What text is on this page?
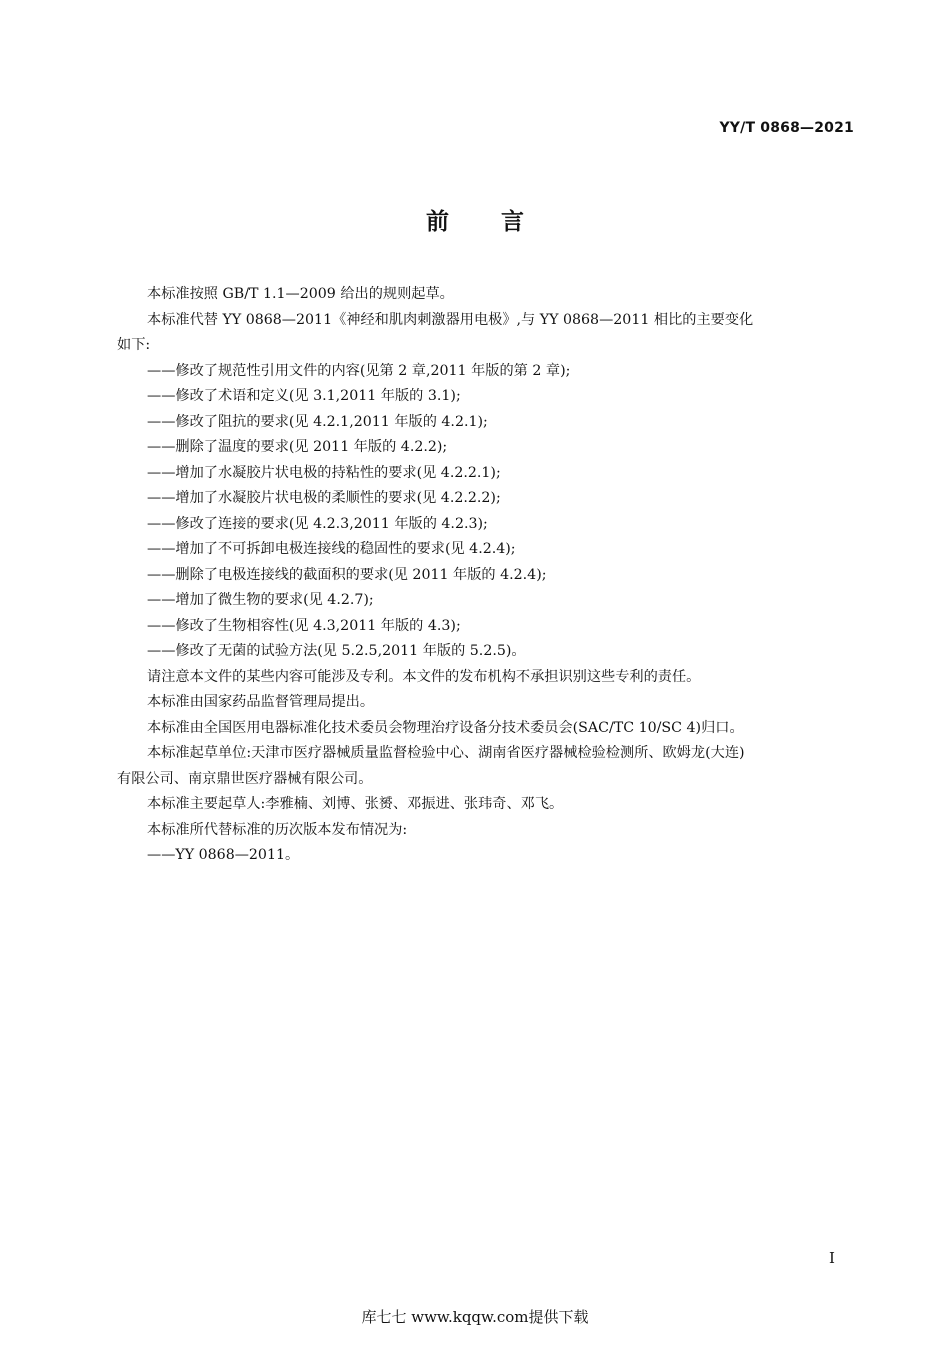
YY/T 0868—2021
前 言

本标准按照 GB/T 1.1—2009 给出的规则起草。

本标准代替 YY 0868—2011《神经和肌肉刺激器用电极》,与 YY 0868—2011 相比的主要变化

如下:

——修改了规范性引用文件的内容(见第 2 章,2011 年版的第 2 章);

——修改了术语和定义(见 3.1,2011 年版的 3.1);

——修改了阻抗的要求(见 4.2.1,2011 年版的 4.2.1);

——删除了温度的要求(见 2011 年版的 4.2.2);

——增加了水凝胶片状电极的持粘性的要求(见 4.2.2.1);

——增加了水凝胶片状电极的柔顺性的要求(见 4.2.2.2);

——修改了连接的要求(见 4.2.3,2011 年版的 4.2.3);

——增加了不可拆卸电极连接线的稳固性的要求(见 4.2.4);

——删除了电极连接线的截面积的要求(见 2011 年版的 4.2.4);

——增加了微生物的要求(见 4.2.7);

——修改了生物相容性(见 4.3,2011 年版的 4.3);

——修改了无菌的试验方法(见 5.2.5,2011 年版的 5.2.5)。

请注意本文件的某些内容可能涉及专利。本文件的发布机构不承担识别这些专利的责任。

本标准由国家药品监督管理局提出。

本标准由全国医用电器标准化技术委员会物理治疗设备分技术委员会(SAC/TC 10/SC 4)归口。

本标准起草单位:天津市医疗器械质量监督检验中心、湖南省医疗器械检验检测所、欧姆龙(大连)

有限公司、南京鼎世医疗器械有限公司。

本标准主要起草人:李雅楠、刘博、张赟、邓振进、张玮奇、邓飞。

本标准所代替标准的历次版本发布情况为:

——YY 0868—2011。

I
库七七 www.kqqw.com提供下载
